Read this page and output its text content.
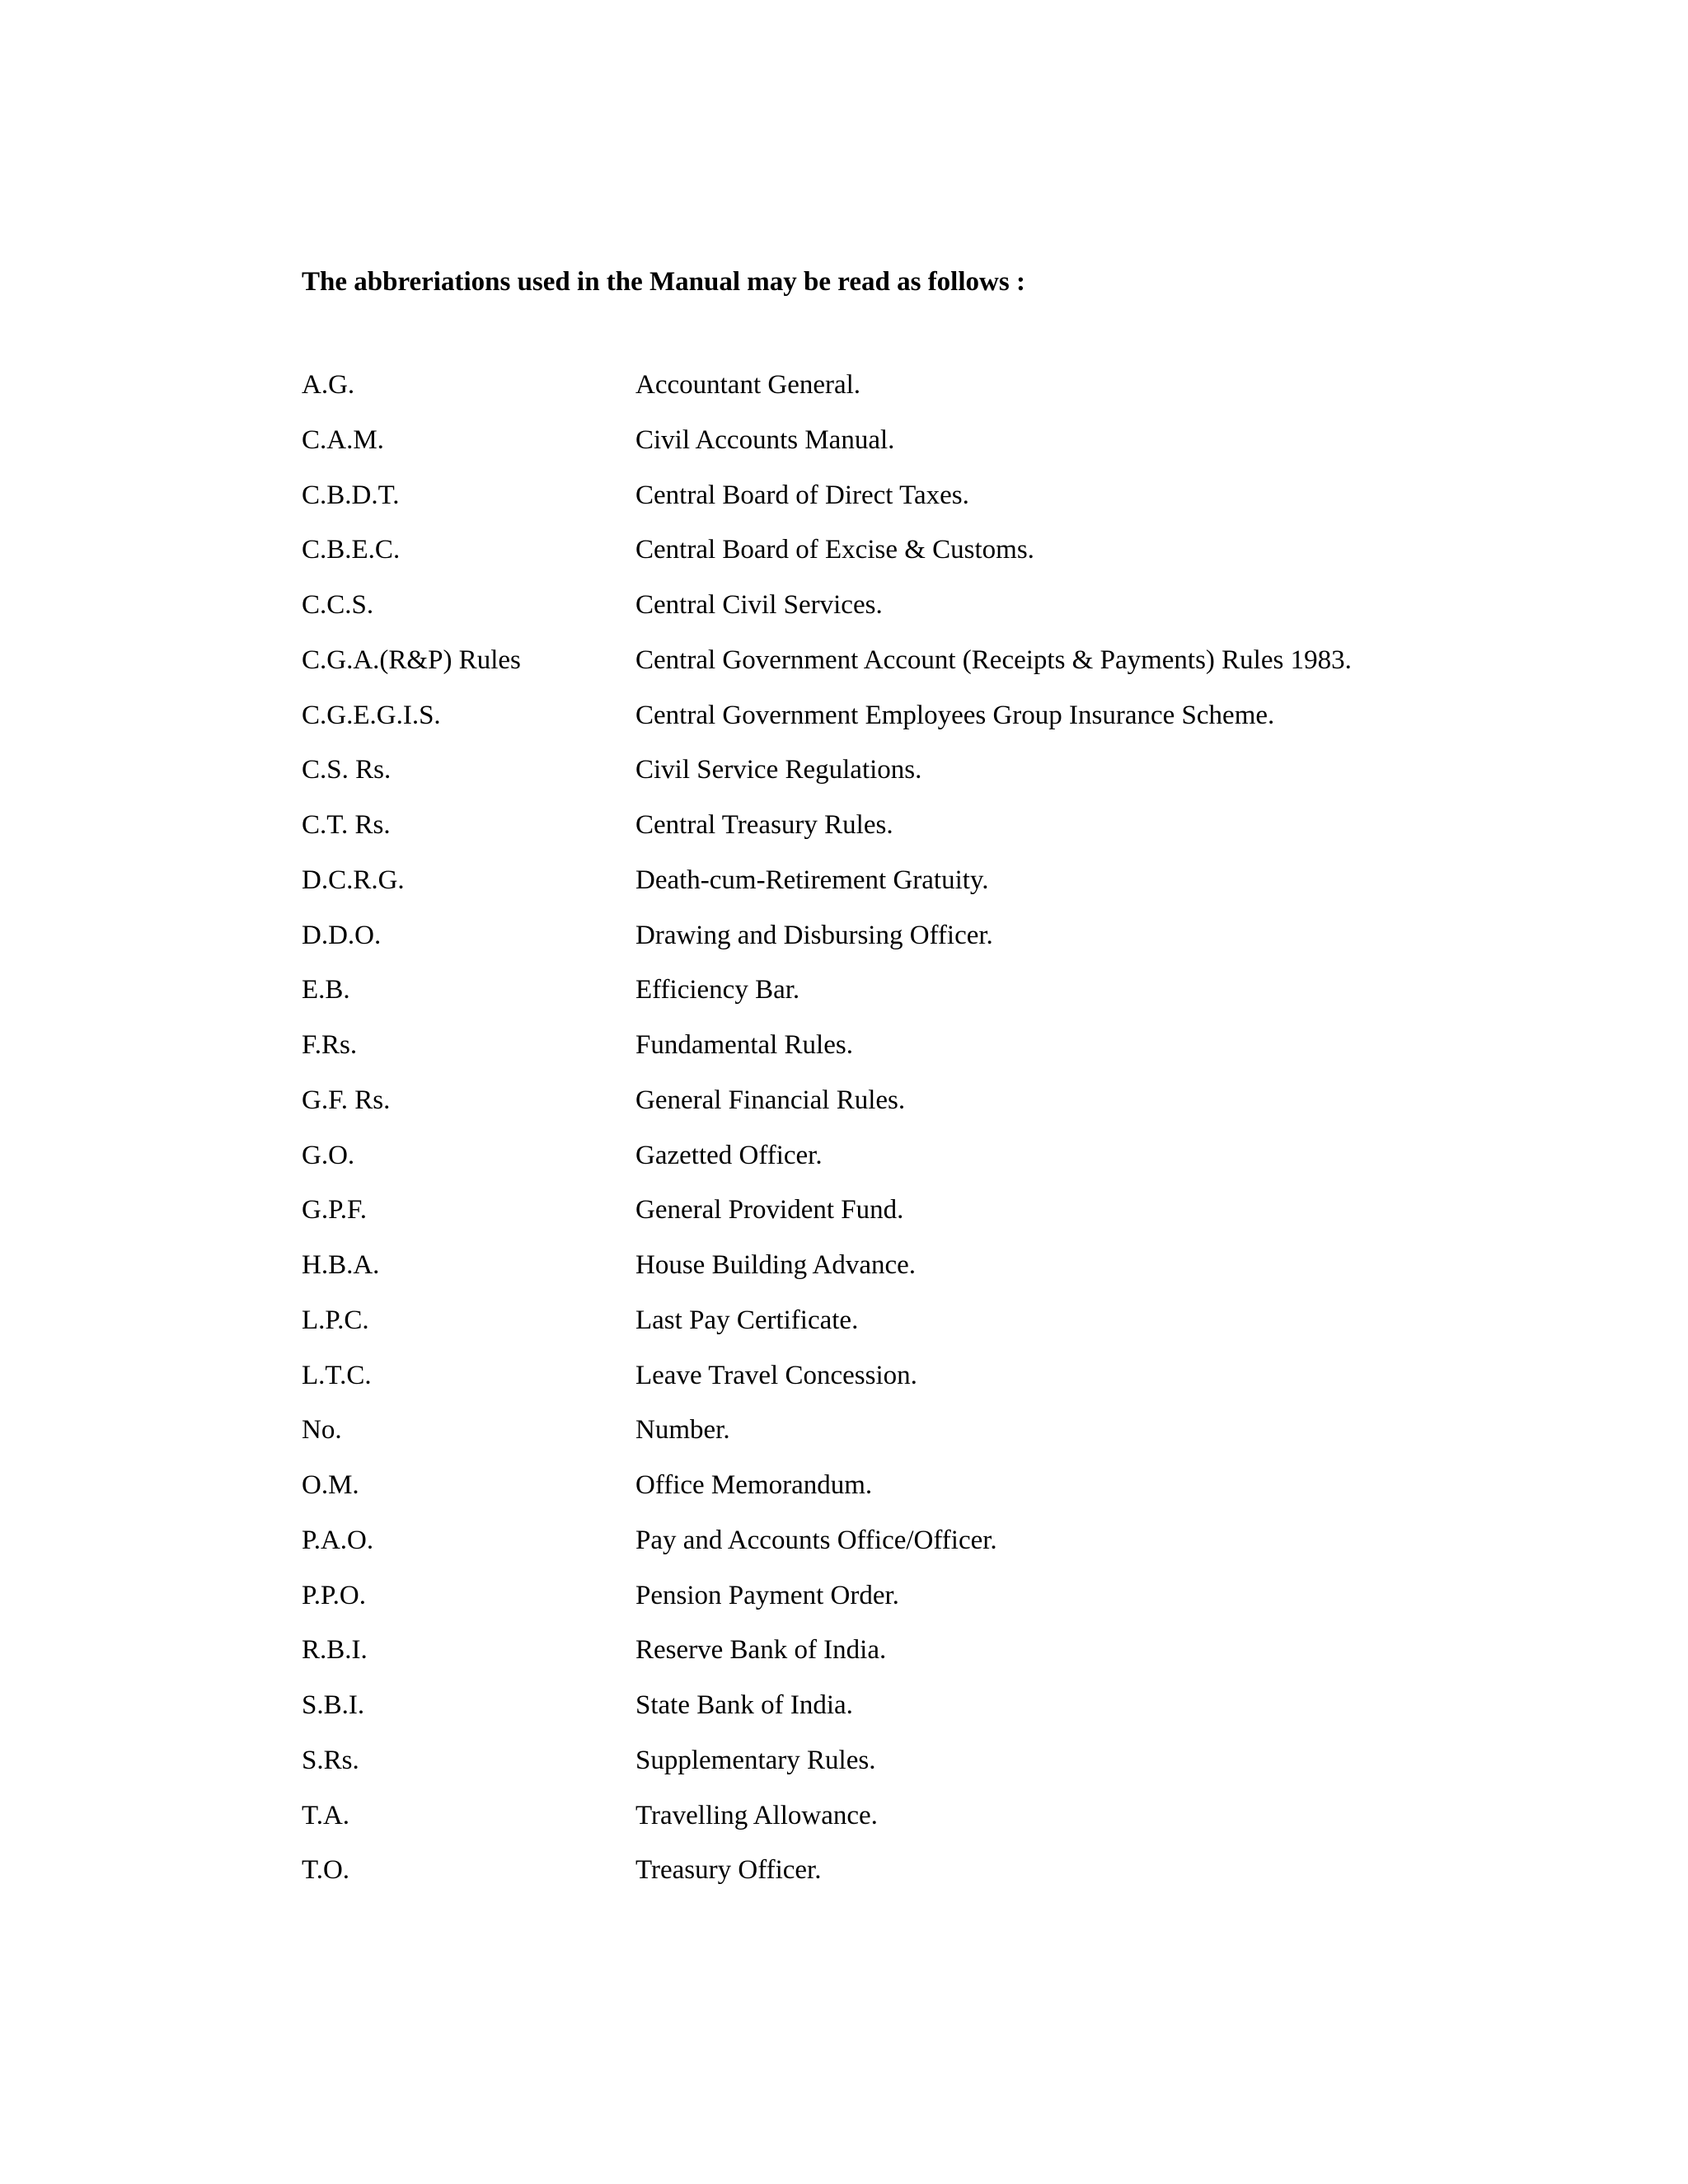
The abbreriations used in the Manual may be read as follows :
A.G.	Accountant General.
C.A.M.	Civil Accounts Manual.
C.B.D.T.	Central Board of Direct Taxes.
C.B.E.C.	Central Board of Excise & Customs.
C.C.S.	Central Civil Services.
C.G.A.(R&P) Rules	Central Government Account (Receipts & Payments) Rules 1983.
C.G.E.G.I.S.	Central Government Employees Group Insurance Scheme.
C.S. Rs.	Civil Service Regulations.
C.T. Rs.	Central Treasury Rules.
D.C.R.G.	Death-cum-Retirement Gratuity.
D.D.O.	Drawing and Disbursing Officer.
E.B.	Efficiency Bar.
F.Rs.	Fundamental Rules.
G.F. Rs.	General Financial Rules.
G.O.	Gazetted Officer.
G.P.F.	General Provident Fund.
H.B.A.	House Building Advance.
L.P.C.	Last Pay Certificate.
L.T.C.	Leave Travel Concession.
No.	Number.
O.M.	Office Memorandum.
P.A.O.	Pay and Accounts Office/Officer.
P.P.O.	Pension Payment Order.
R.B.I.	Reserve Bank of India.
S.B.I.	State Bank of India.
S.Rs.	Supplementary Rules.
T.A.	Travelling Allowance.
T.O.	Treasury Officer.
